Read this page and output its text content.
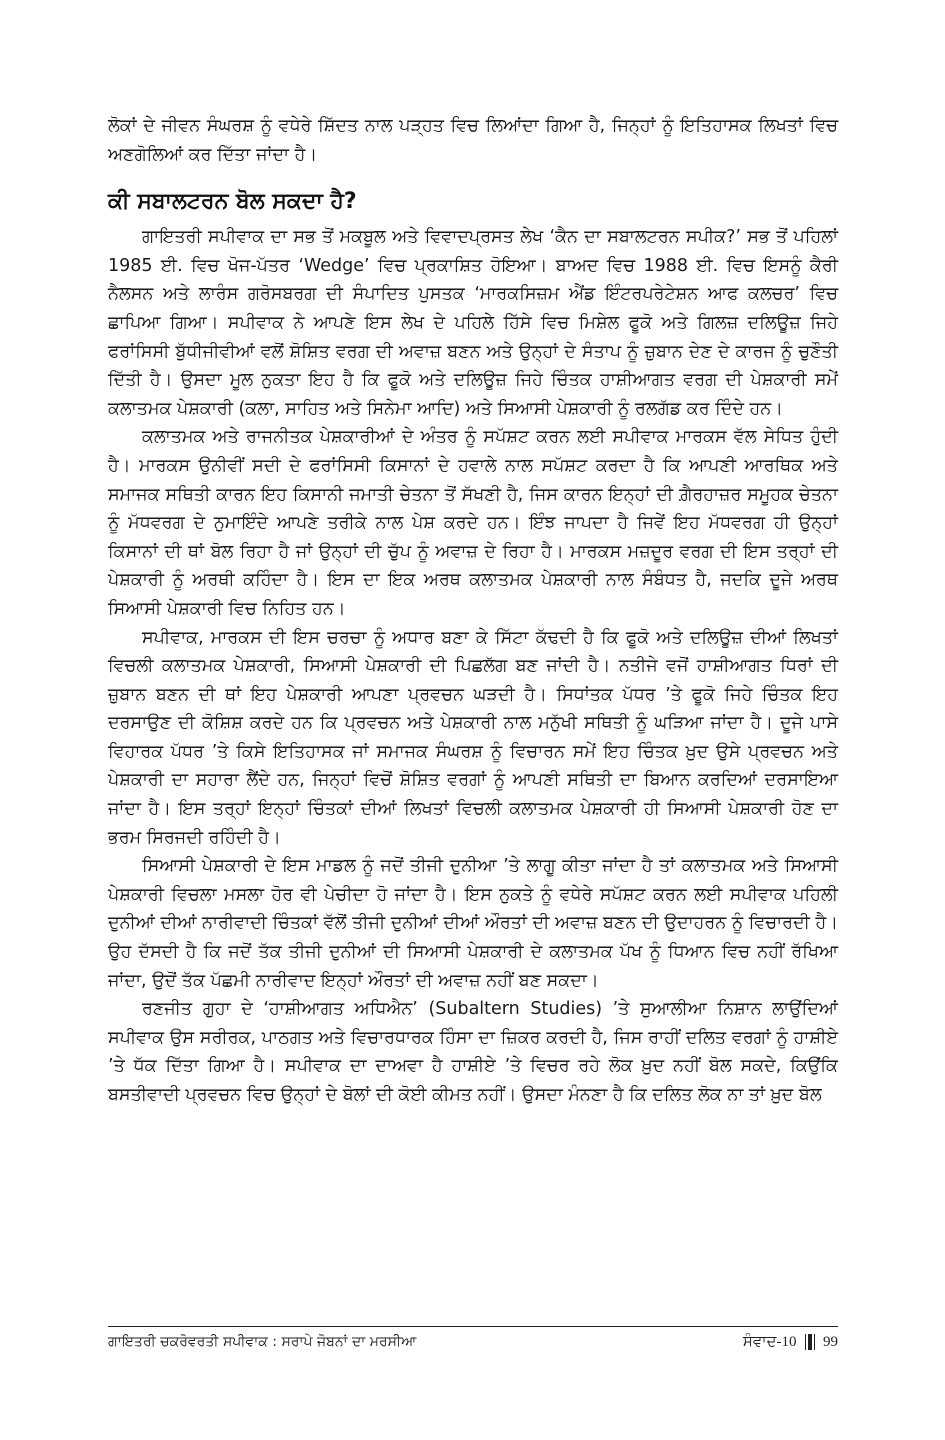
ਲੋਕਾਂ ਦੇ ਜੀਵਨ ਸੰਘਰਸ਼ ਨੂੰ ਵਧੇਰੇ ਸ਼ਿੱਦਤ ਨਾਲ ਪੜ੍ਹਤ ਵਿਚ ਲਿਆਂਦਾ ਗਿਆ ਹੈ, ਜਿਨ੍ਹਾਂ ਨੂੰ ਇਤਿਹਾਸਕ ਲਿਖਤਾਂ ਵਿਚ ਅਣਗੋਲਿਆਂ ਕਰ ਦਿੱਤਾ ਜਾਂਦਾ ਹੈ।

ਕੀ ਸਬਾਲਟਰਨ ਬੋਲ ਸਕਦਾ ਹੈ?

ਗਾਇਤਰੀ ਸਪੀਵਾਕ ਦਾ ਸਭ ਤੋਂ ਮਕਬੂਲ ਅਤੇ ਵਿਵਾਦਪ੍ਰਸਤ ਲੇਖ ‘ਕੈਨ ਦਾ ਸਬਾਲਟਰਨ ਸਪੀਕ?’ ਸਭ ਤੋਂ ਪਹਿਲਾਂ 1985 ਈ. ਵਿਚ ਖੋਜ-ਪੱਤਰ ‘Wedge’ ਵਿਚ ਪ੍ਰਕਾਸ਼ਿਤ ਹੋਇਆ। ਬਾਅਦ ਵਿਚ 1988 ਈ. ਵਿਚ ਇਸਨੂੰ ਕੈਰੀ ਨੈਲਸਨ ਅਤੇ ਲਾਰੰਸ ਗਰੋਸਬਰਗ ਦੀ ਸੰਪਾਦਿਤ ਪੁਸਤਕ ‘ਮਾਰਕਸਿਜ਼ਮ ਐਂਡ ਇੰਟਰਪਰੇਟੇਸ਼ਨ ਆਫ ਕਲਚਰ’ ਵਿਚ ਛਾਪਿਆ ਗਿਆ। ਸਪੀਵਾਕ ਨੇ ਆਪਣੇ ਇਸ ਲੇਖ ਦੇ ਪਹਿਲੇ ਹਿੱਸੇ ਵਿਚ ਮਿਸ਼ੇਲ ਫੂਕੋ ਅਤੇ ਗਿਲਜ਼ ਦਲਿਊਜ਼ ਜਿਹੇ ਫਰਾਂਸਿਸੀ ਬੁੱਧੀਜੀਵੀਆਂ ਵਲੋਂ ਸ਼ੋਸ਼ਿਤ ਵਰਗ ਦੀ ਅਵਾਜ਼ ਬਣਨ ਅਤੇ ਉਨ੍ਹਾਂ ਦੇ ਸੰਤਾਪ ਨੂੰ ਜ਼ੁਬਾਨ ਦੇਣ ਦੇ ਕਾਰਜ ਨੂੰ ਚੁਣੌਤੀ ਦਿੱਤੀ ਹੈ। ਉਸਦਾ ਮੂਲ ਨੁਕਤਾ ਇਹ ਹੈ ਕਿ ਫੂਕੋ ਅਤੇ ਦਲਿਊਜ਼ ਜਿਹੇ ਚਿੰਤਕ ਹਾਸ਼ੀਆਗਤ ਵਰਗ ਦੀ ਪੇਸ਼ਕਾਰੀ ਸਮੇਂ ਕਲਾਤਮਕ ਪੇਸ਼ਕਾਰੀ (ਕਲਾ, ਸਾਹਿਤ ਅਤੇ ਸਿਨੇਮਾ ਆਦਿ) ਅਤੇ ਸਿਆਸੀ ਪੇਸ਼ਕਾਰੀ ਨੂੰ ਰਲਗੱਡ ਕਰ ਦਿੰਦੇ ਹਨ।

ਕਲਾਤਮਕ ਅਤੇ ਰਾਜਨੀਤਕ ਪੇਸ਼ਕਾਰੀਆਂ ਦੇ ਅੰਤਰ ਨੂੰ ਸਪੱਸ਼ਟ ਕਰਨ ਲਈ ਸਪੀਵਾਕ ਮਾਰਕਸ ਵੱਲ ਸੇਧਿਤ ਹੁੰਦੀ ਹੈ। ਮਾਰਕਸ ਉਨੀਵੀਂ ਸਦੀ ਦੇ ਫਰਾਂਸਿਸੀ ਕਿਸਾਨਾਂ ਦੇ ਹਵਾਲੇ ਨਾਲ ਸਪੱਸ਼ਟ ਕਰਦਾ ਹੈ ਕਿ ਆਪਣੀ ਆਰਥਿਕ ਅਤੇ ਸਮਾਜਕ ਸਥਿਤੀ ਕਾਰਨ ਇਹ ਕਿਸਾਨੀ ਜਮਾਤੀ ਚੇਤਨਾ ਤੋਂ ਸੱਖਣੀ ਹੈ, ਜਿਸ ਕਾਰਨ ਇਨ੍ਹਾਂ ਦੀ ਗ਼ੈਰਹਾਜ਼ਰ ਸਮੂਹਕ ਚੇਤਨਾ ਨੂੰ ਮੱਧਵਰਗ ਦੇ ਨੁਮਾਇੰਦੇ ਆਪਣੇ ਤਰੀਕੇ ਨਾਲ ਪੇਸ਼ ਕਰਦੇ ਹਨ। ਇੰਝ ਜਾਪਦਾ ਹੈ ਜਿਵੇਂ ਇਹ ਮੱਧਵਰਗ ਹੀ ਉਨ੍ਹਾਂ ਕਿਸਾਨਾਂ ਦੀ ਥਾਂ ਬੋਲ ਰਿਹਾ ਹੈ ਜਾਂ ਉਨ੍ਹਾਂ ਦੀ ਚੁੱਪ ਨੂੰ ਅਵਾਜ਼ ਦੇ ਰਿਹਾ ਹੈ। ਮਾਰਕਸ ਮਜ਼ਦੂਰ ਵਰਗ ਦੀ ਇਸ ਤਰ੍ਹਾਂ ਦੀ ਪੇਸ਼ਕਾਰੀ ਨੂੰ ਅਰਥੀ ਕਹਿੰਦਾ ਹੈ। ਇਸ ਦਾ ਇਕ ਅਰਥ ਕਲਾਤਮਕ ਪੇਸ਼ਕਾਰੀ ਨਾਲ ਸੰਬੰਧਤ ਹੈ, ਜਦਕਿ ਦੂਜੇ ਅਰਥ ਸਿਆਸੀ ਪੇਸ਼ਕਾਰੀ ਵਿਚ ਨਿਹਿਤ ਹਨ।

ਸਪੀਵਾਕ, ਮਾਰਕਸ ਦੀ ਇਸ ਚਰਚਾ ਨੂੰ ਅਧਾਰ ਬਣਾ ਕੇ ਸਿੱਟਾ ਕੱਢਦੀ ਹੈ ਕਿ ਫੂਕੋ ਅਤੇ ਦਲਿਊਜ਼ ਦੀਆਂ ਲਿਖਤਾਂ ਵਿਚਲੀ ਕਲਾਤਮਕ ਪੇਸ਼ਕਾਰੀ, ਸਿਆਸੀ ਪੇਸ਼ਕਾਰੀ ਦੀ ਪਿਛਲੱਗ ਬਣ ਜਾਂਦੀ ਹੈ। ਨਤੀਜੇ ਵਜੋਂ ਹਾਸ਼ੀਆਗਤ ਧਿਰਾਂ ਦੀ ਜ਼ੁਬਾਨ ਬਣਨ ਦੀ ਥਾਂ ਇਹ ਪੇਸ਼ਕਾਰੀ ਆਪਣਾ ਪ੍ਰਵਚਨ ਘੜਦੀ ਹੈ। ਸਿਧਾਂਤਕ ਪੱਧਰ ’ਤੇ ਫੂਕੋ ਜਿਹੇ ਚਿੰਤਕ ਇਹ ਦਰਸਾਉਣ ਦੀ ਕੋਸ਼ਿਸ਼ ਕਰਦੇ ਹਨ ਕਿ ਪ੍ਰਵਚਨ ਅਤੇ ਪੇਸ਼ਕਾਰੀ ਨਾਲ ਮਨੁੱਖੀ ਸਥਿਤੀ ਨੂੰ ਘੜਿਆ ਜਾਂਦਾ ਹੈ। ਦੂਜੇ ਪਾਸੇ ਵਿਹਾਰਕ ਪੱਧਰ ’ਤੇ ਕਿਸੇ ਇਤਿਹਾਸਕ ਜਾਂ ਸਮਾਜਕ ਸੰਘਰਸ਼ ਨੂੰ ਵਿਚਾਰਨ ਸਮੇਂ ਇਹ ਚਿੰਤਕ ਖ਼ੁਦ ਉਸੇ ਪ੍ਰਵਚਨ ਅਤੇ ਪੇਸ਼ਕਾਰੀ ਦਾ ਸਹਾਰਾ ਲੈਂਦੇ ਹਨ, ਜਿਨ੍ਹਾਂ ਵਿਚੋਂ ਸ਼ੋਸ਼ਿਤ ਵਰਗਾਂ ਨੂੰ ਆਪਣੀ ਸਥਿਤੀ ਦਾ ਬਿਆਨ ਕਰਦਿਆਂ ਦਰਸਾਇਆ ਜਾਂਦਾ ਹੈ। ਇਸ ਤਰ੍ਹਾਂ ਇਨ੍ਹਾਂ ਚਿੰਤਕਾਂ ਦੀਆਂ ਲਿਖਤਾਂ ਵਿਚਲੀ ਕਲਾਤਮਕ ਪੇਸ਼ਕਾਰੀ ਹੀ ਸਿਆਸੀ ਪੇਸ਼ਕਾਰੀ ਹੋਣ ਦਾ ਭਰਮ ਸਿਰਜਦੀ ਰਹਿੰਦੀ ਹੈ।

ਸਿਆਸੀ ਪੇਸ਼ਕਾਰੀ ਦੇ ਇਸ ਮਾਡਲ ਨੂੰ ਜਦੋਂ ਤੀਜੀ ਦੁਨੀਆ ’ਤੇ ਲਾਗੂ ਕੀਤਾ ਜਾਂਦਾ ਹੈ ਤਾਂ ਕਲਾਤਮਕ ਅਤੇ ਸਿਆਸੀ ਪੇਸ਼ਕਾਰੀ ਵਿਚਲਾ ਮਸਲਾ ਹੋਰ ਵੀ ਪੇਚੀਦਾ ਹੋ ਜਾਂਦਾ ਹੈ। ਇਸ ਨੁਕਤੇ ਨੂੰ ਵਧੇਰੇ ਸਪੱਸ਼ਟ ਕਰਨ ਲਈ ਸਪੀਵਾਕ ਪਹਿਲੀ ਦੁਨੀਆਂ ਦੀਆਂ ਨਾਰੀਵਾਦੀ ਚਿੰਤਕਾਂ ਵੱਲੋਂ ਤੀਜੀ ਦੁਨੀਆਂ ਦੀਆਂ ਔਰਤਾਂ ਦੀ ਅਵਾਜ਼ ਬਣਨ ਦੀ ਉਦਾਹਰਨ ਨੂੰ ਵਿਚਾਰਦੀ ਹੈ। ਉਹ ਦੱਸਦੀ ਹੈ ਕਿ ਜਦੋਂ ਤੱਕ ਤੀਜੀ ਦੁਨੀਆਂ ਦੀ ਸਿਆਸੀ ਪੇਸ਼ਕਾਰੀ ਦੇ ਕਲਾਤਮਕ ਪੱਖ ਨੂੰ ਧਿਆਨ ਵਿਚ ਨਹੀਂ ਰੱਖਿਆ ਜਾਂਦਾ, ਉਦੋਂ ਤੱਕ ਪੱਛਮੀ ਨਾਰੀਵਾਦ ਇਨ੍ਹਾਂ ਔਰਤਾਂ ਦੀ ਅਵਾਜ਼ ਨਹੀਂ ਬਣ ਸਕਦਾ।

ਰਣਜੀਤ ਗੁਹਾ ਦੇ ‘ਹਾਸ਼ੀਆਗਤ ਅਧਿਐਨ’ (Subaltern Studies) ’ਤੇ ਸੁਆਲੀਆ ਨਿਸ਼ਾਨ ਲਾਉਂਦਿਆਂ ਸਪੀਵਾਕ ਉਸ ਸਰੀਰਕ, ਪਾਠਗਤ ਅਤੇ ਵਿਚਾਰਧਾਰਕ ਹਿੰਸਾ ਦਾ ਜ਼ਿਕਰ ਕਰਦੀ ਹੈ, ਜਿਸ ਰਾਹੀਂ ਦਲਿਤ ਵਰਗਾਂ ਨੂੰ ਹਾਸ਼ੀਏ ’ਤੇ ਧੱਕ ਦਿੱਤਾ ਗਿਆ ਹੈ। ਸਪੀਵਾਕ ਦਾ ਦਾਅਵਾ ਹੈ ਹਾਸ਼ੀਏ ’ਤੇ ਵਿਚਰ ਰਹੇ ਲੋਕ ਖ਼ੁਦ ਨਹੀਂ ਬੋਲ ਸਕਦੇ, ਕਿਉਂਕਿ ਬਸਤੀਵਾਦੀ ਪ੍ਰਵਚਨ ਵਿਚ ਉਨ੍ਹਾਂ ਦੇ ਬੋਲਾਂ ਦੀ ਕੋਈ ਕੀਮਤ ਨਹੀਂ। ਉਸਦਾ ਮੰਨਣਾ ਹੈ ਕਿ ਦਲਿਤ ਲੋਕ ਨਾ ਤਾਂ ਖ਼ੁਦ ਬੋਲ

ਗਾਇਤਰੀ ਚਕਰੋਵਰਤੀ ਸਪੀਵਾਕ : ਸਰਾਪੇ ਜੋਬਨਾਂ ਦਾ ਮਰਸੀਆ	ਸੰਵਾਦ-10 99
